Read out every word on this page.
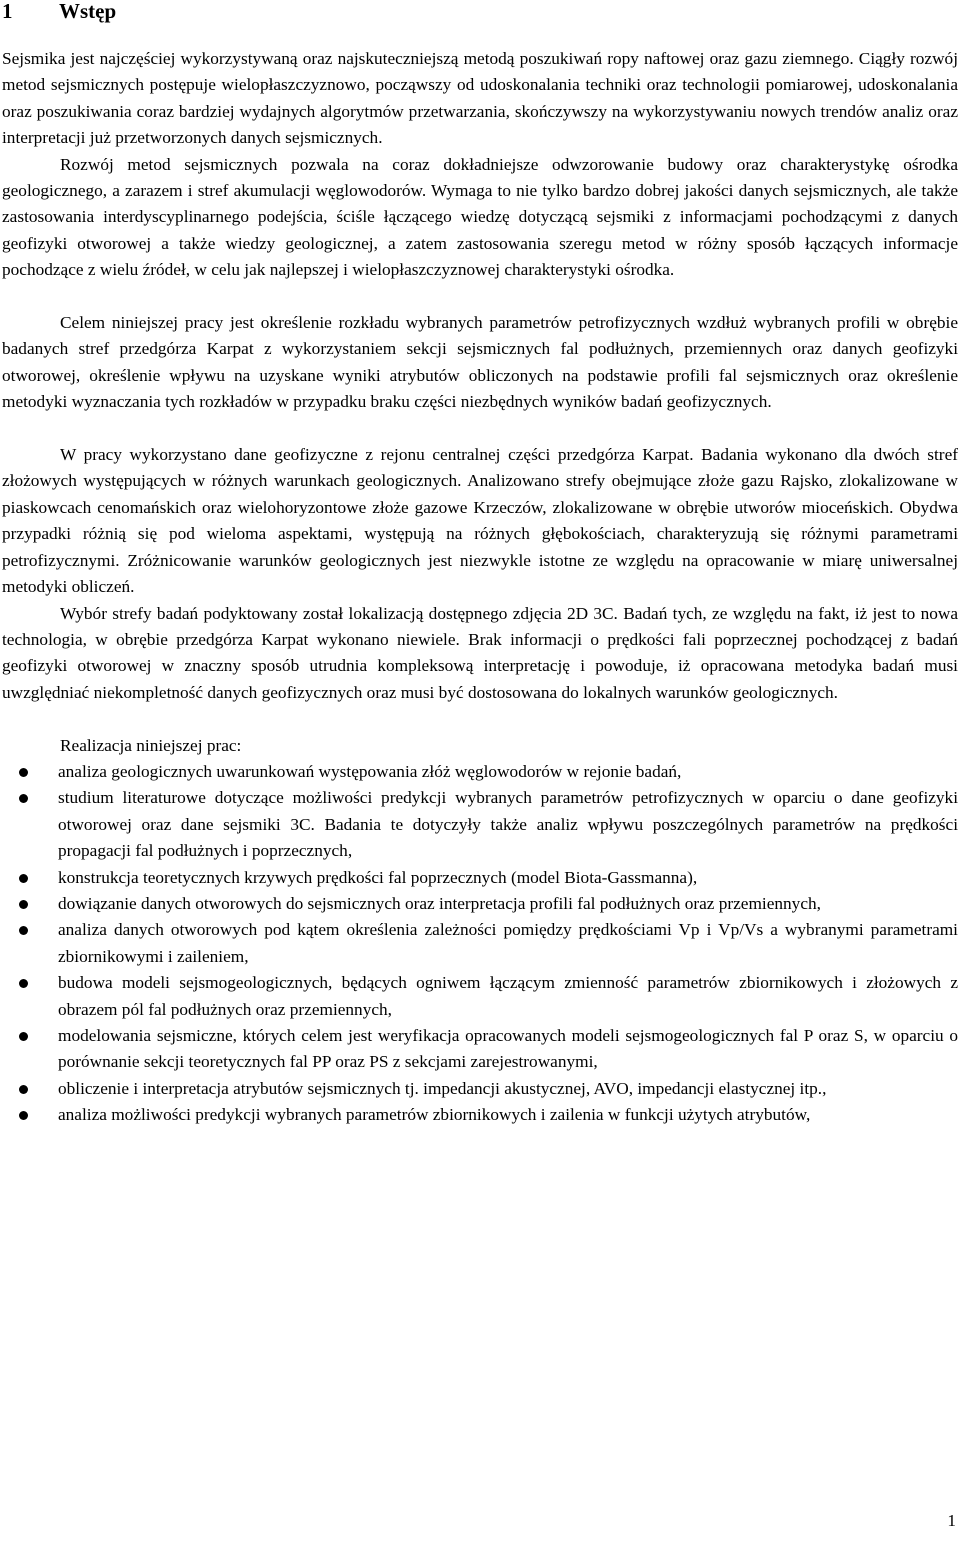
1 Wstęp

Sejsmika jest najczęściej wykorzystywaną oraz najskuteczniejszą metodą poszukiwań ropy naftowej oraz gazu ziemnego. Ciągły rozwój metod sejsmicznych postępuje wielopłaszczyznowo, począwszy od udoskonalania techniki oraz technologii pomiarowej, udoskonalania oraz poszukiwania coraz bardziej wydajnych algorytmów przetwarzania, skończywszy na wykorzystywaniu nowych trendów analiz oraz interpretacji już przetworzonych danych sejsmicznych.

Rozwój metod sejsmicznych pozwala na coraz dokładniejsze odwzorowanie budowy oraz charakterystykę ośrodka geologicznego, a zarazem i stref akumulacji węglowodorów. Wymaga to nie tylko bardzo dobrej jakości danych sejsmicznych, ale także zastosowania interdyscyplinarnego podejścia, ściśle łączącego wiedzę dotyczącą sejsmiki z informacjami pochodzącymi z danych geofizyki otworowej a także wiedzy geologicznej, a zatem zastosowania szeregu metod w różny sposób łączących informacje pochodzące z wielu źródeł, w celu jak najlepszej i wielopłaszczyznowej charakterystyki ośrodka.

Celem niniejszej pracy jest określenie rozkładu wybranych parametrów petrofizycznych wzdłuż wybranych profili w obrębie badanych stref przedgórza Karpat z wykorzystaniem sekcji sejsmicznych fal podłużnych, przemiennych oraz danych geofizyki otworowej, określenie wpływu na uzyskane wyniki atrybutów obliczonych na podstawie profili fal sejsmicznych oraz określenie metodyki wyznaczania tych rozkładów w przypadku braku części niezbędnych wyników badań geofizycznych.

W pracy wykorzystano dane geofizyczne z rejonu centralnej części przedgórza Karpat. Badania wykonano dla dwóch stref złożowych występujących w różnych warunkach geologicznych. Analizowano strefy obejmujące złoże gazu Rajsko, zlokalizowane w piaskowcach cenomańskich oraz wielohoryzontowe złoże gazowe Krzeczów, zlokalizowane w obrębie utworów mioceńskich. Obydwa przypadki różnią się pod wieloma aspektami, występują na różnych głębokościach, charakteryzują się różnymi parametrami petrofizycznymi. Zróżnicowanie warunków geologicznych jest niezwykle istotne ze względu na opracowanie w miarę uniwersalnej metodyki obliczeń.

Wybór strefy badań podyktowany został lokalizacją dostępnego zdjęcia 2D 3C. Badań tych, ze względu na fakt, iż jest to nowa technologia, w obrębie przedgórza Karpat wykonano niewiele. Brak informacji o prędkości fali poprzecznej pochodzącej z badań geofizyki otworowej w znaczny sposób utrudnia kompleksową interpretację i powoduje, iż opracowana metodyka badań musi uwzględniać niekompletność danych geofizycznych oraz musi być dostosowana do lokalnych warunków geologicznych.

Realizacja niniejszej prac:

analiza geologicznych uwarunkowań występowania złóż węglowodorów w rejonie badań,
studium literaturowe dotyczące możliwości predykcji wybranych parametrów petrofizycznych w oparciu o dane geofizyki otworowej oraz dane sejsmiki 3C. Badania te dotyczyły także analiz wpływu poszczególnych parametrów na prędkości propagacji fal podłużnych i poprzecznych,
konstrukcja teoretycznych krzywych prędkości fal poprzecznych (model Biota-Gassmanna),
dowiązanie danych otworowych do sejsmicznych oraz interpretacja profili fal podłużnych oraz przemiennych,
analiza danych otworowych pod kątem określenia zależności pomiędzy prędkościami Vp i Vp/Vs a wybranymi parametrami zbiornikowymi i zaileniem,
budowa modeli sejsmogeologicznych, będących ogniwem łączącym zmienność parametrów zbiornikowych i złożowych z obrazem pól fal podłużnych oraz przemiennych,
modelowania sejsmiczne, których celem jest weryfikacja opracowanych modeli sejsmogeologicznych fal P oraz S, w oparciu o porównanie sekcji teoretycznych fal PP oraz PS z sekcjami zarejestrowanymi,
obliczenie i interpretacja atrybutów sejsmicznych tj. impedancji akustycznej, AVO, impedancji elastycznej itp.,
analiza możliwości predykcji wybranych parametrów zbiornikowych i zailenia w funkcji użytych atrybutów,
1
